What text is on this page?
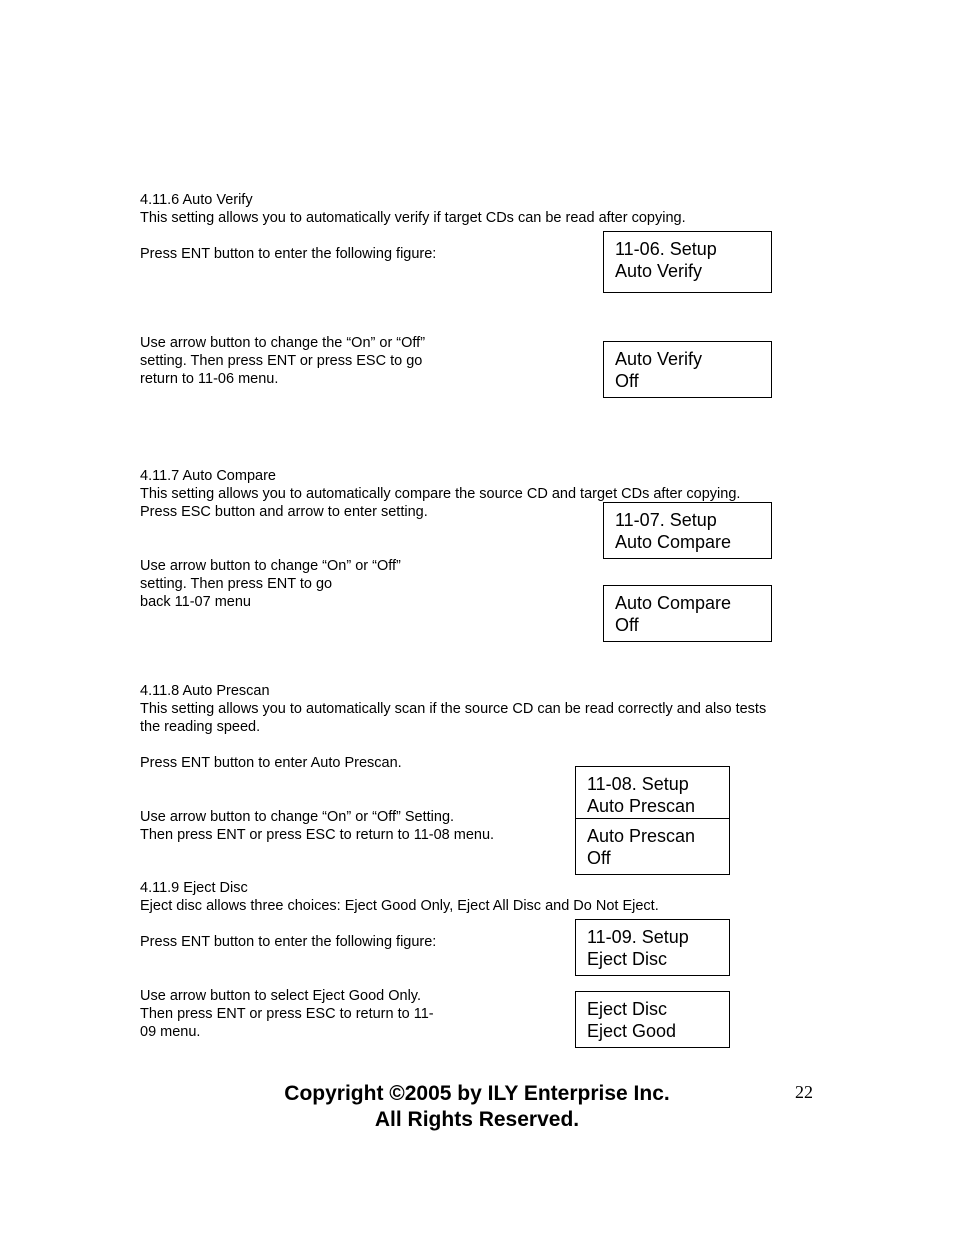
4.11.6 Auto Verify
This setting allows you to automatically verify if target CDs can be read after copying.
Press ENT button to enter the following figure:
Use arrow button to change the “On” or “Off”
setting. Then press ENT or press ESC to go
return to 11-06 menu.
11-06. Setup
Auto Verify
Auto Verify
Off
4.11.7 Auto Compare
This setting allows you to automatically compare the source CD and target CDs after copying.
Press ESC button and arrow to enter setting.
Use arrow button to change “On” or “Off”
setting. Then press ENT to go
back 11-07 menu
11-07. Setup
Auto Compare
Auto Compare
Off
4.11.8 Auto Prescan
This setting allows you to automatically scan if the source CD can be read correctly and also tests
the reading speed.
Press ENT button to enter Auto Prescan.
Use arrow button to change “On” or “Off” Setting.
Then press ENT or press ESC to return to 11-08 menu.
11-08. Setup
Auto Prescan
Auto Prescan
Off
4.11.9 Eject Disc
Eject disc allows three choices: Eject Good Only, Eject All Disc and Do Not Eject.
Press ENT button to enter the following figure:
Use arrow button to select Eject Good Only.
Then press ENT or press ESC to return to 11-
09 menu.
11-09. Setup
Eject Disc
Eject Disc
Eject Good
Copyright ©2005 by ILY Enterprise Inc.
All Rights Reserved.
22
